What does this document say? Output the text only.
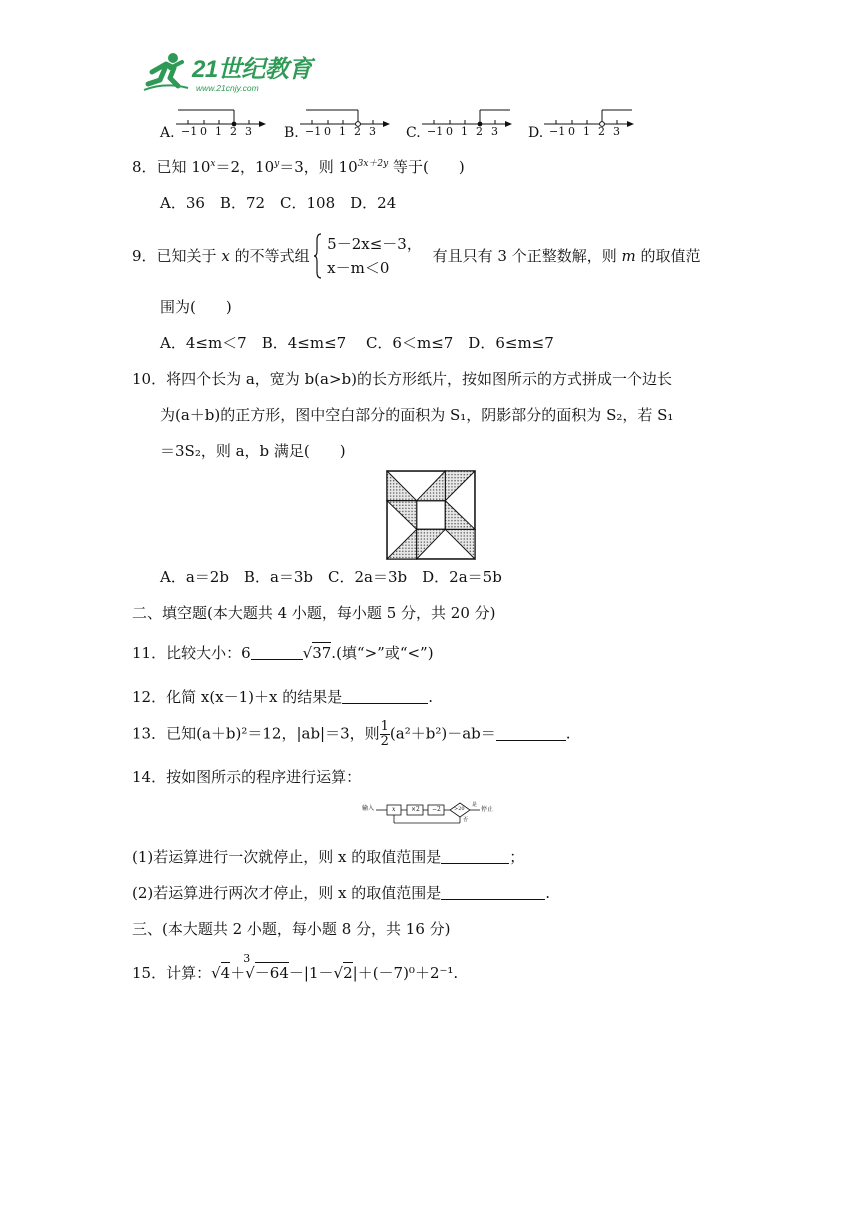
21世纪教育
www.21cnjy.com
A. −1 0 1 2 3 B. −1 0 1 2 3 C. −1 0 1 2 3 D. −1 0 1 2 3
8．已知 $10^x=2$，$10^y=3$，则 $10^{3x+2y}$ 等于(　　)
A．36　B．72　C．108　D．24
9．已知关于 x 的不等式组
5－2x≤－3，
x－m＜0
有且只有 3 个正整数解，则 m 的取值范
围为(　　)
A．4≤m＜7　B．4≤m≤7　 C．6＜m≤7　D．6≤m≤7
10．将四个长为 a，宽为 b(a>b)的长方形纸片，按如图所示的方式拼成一个边长
为(a＋b)的正方形，图中空白部分的面积为 S₁，阴影部分的面积为 S₂，若 S₁
＝3S₂，则 a，b 满足(　　)
A．a＝2b　B．a＝3b　C．2a＝3b　D．2a＝5b
二、填空题(本大题共 4 小题，每小题 5 分，共 20 分)
11．比较大小：6	√37.(填“>”或“<”)
12．化简 x(x－1)＋x 的结果是	.
13．已知(a＋b)²＝12，|ab|＝3，则 $\frac{1}{2} (a^2+b^2)-ab=$	.
14．按如图所示的程序进行运算：
输入	x	×2 −2	>20
是
停止
否
(1)若运算进行一次就停止，则 x 的取值范围是	；
(2)若运算进行两次才停止，则 x 的取值范围是	.
三、(本大题共 2 小题，每小题 8 分，共 16 分)
15．计算：√4＋
3
√－64－|1－√2|＋(－7)⁰＋2⁻¹.
